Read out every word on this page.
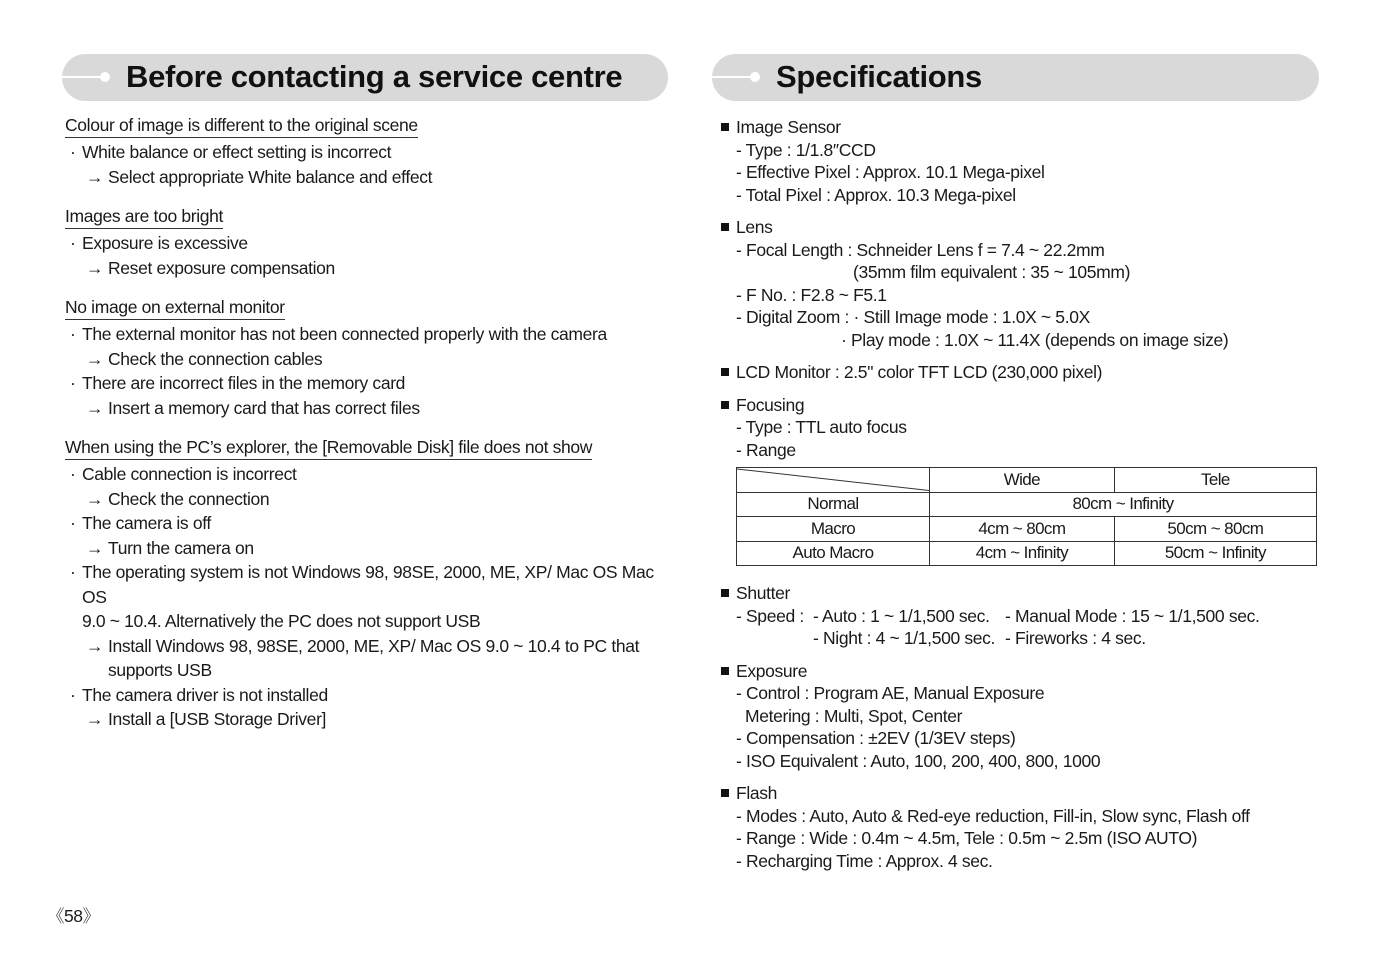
Before contacting a service centre
Colour of image is different to the original scene
· White balance or effect setting is incorrect
→ Select appropriate White balance and effect
Images are too bright
· Exposure is excessive
→ Reset exposure compensation
No image on external monitor
· The external monitor has not been connected properly with the camera
→ Check the connection cables
· There are incorrect files in the memory card
→ Insert a memory card that has correct files
When using the PC’s explorer, the [Removable Disk] file does not show
· Cable connection is incorrect
→ Check the connection
· The camera is off
→ Turn the camera on
· The operating system is not Windows 98, 98SE, 2000, ME, XP/ Mac OS Mac OS
9.0 ~ 10.4. Alternatively the PC does not support USB
→ Install Windows 98, 98SE, 2000, ME, XP/ Mac OS 9.0 ~ 10.4 to PC that
supports USB
· The camera driver is not installed
→ Install a [USB Storage Driver]
Specifications
Image Sensor
- Type : 1/1.8″CCD
- Effective Pixel : Approx. 10.1 Mega-pixel
- Total Pixel : Approx. 10.3 Mega-pixel
Lens
- Focal Length : Schneider Lens f = 7.4 ~ 22.2mm
(35mm film equivalent : 35 ~ 105mm)
- F No. : F2.8 ~ F5.1
- Digital Zoom : · Still Image mode : 1.0X ~ 5.0X
· Play mode : 1.0X ~ 11.4X (depends on image size)
LCD Monitor : 2.5" color TFT LCD (230,000 pixel)
Focusing
- Type : TTL auto focus
- Range
	Wide	Tele
Normal	80cm ~ Infinity	
Macro	4cm ~ 80cm	50cm ~ 80cm
Auto Macro	4cm ~ Infinity	50cm ~ Infinity
Shutter
- Speed : - Auto : 1 ~ 1/1,500 sec. - Manual Mode : 15 ~ 1/1,500 sec.
- Night : 4 ~ 1/1,500 sec. - Fireworks : 4 sec.
Exposure
- Control : Program AE, Manual Exposure
Metering : Multi, Spot, Center
- Compensation : ±2EV (1/3EV steps)
- ISO Equivalent : Auto, 100, 200, 400, 800, 1000
Flash
- Modes : Auto, Auto & Red-eye reduction, Fill-in, Slow sync, Flash off
- Range : Wide : 0.4m ~ 4.5m, Tele : 0.5m ~ 2.5m (ISO AUTO)
- Recharging Time : Approx. 4 sec.
《58》
